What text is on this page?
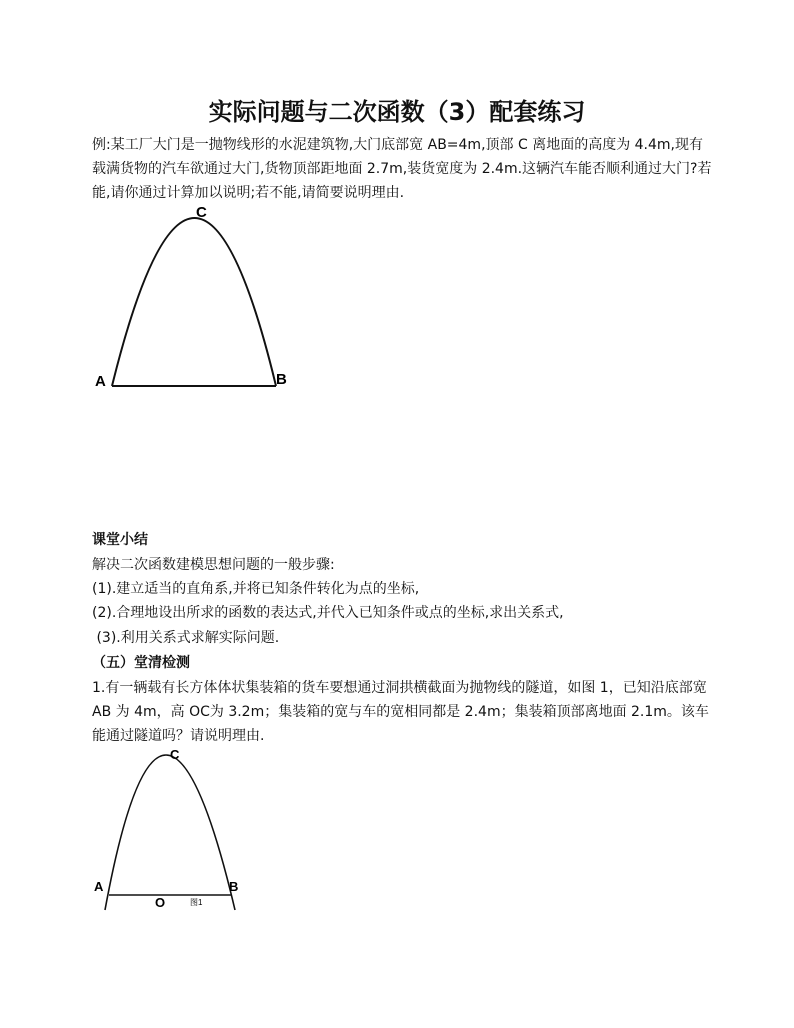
实际问题与二次函数（3）配套练习
例:某工厂大门是一抛物线形的水泥建筑物,大门底部宽 AB=4m,顶部 C 离地面的高度为 4.4m,现有载满货物的汽车欲通过大门,货物顶部距地面 2.7m,装货宽度为 2.4m.这辆汽车能否顺利通过大门?若能,请你通过计算加以说明;若不能,请简要说明理由.
C
A	B
课堂小结
解决二次函数建模思想问题的一般步骤:
(1).建立适当的直角系,并将已知条件转化为点的坐标,
(2).合理地设出所求的函数的表达式,并代入已知条件或点的坐标,求出关系式,
(3).利用关系式求解实际问题.
（五）堂清检测
1.有一辆载有长方体体状集装箱的货车要想通过洞拱横截面为抛物线的隧道，如图 1，已知沿底部宽 AB 为 4m，高 OC为 3.2m；集装箱的宽与车的宽相同都是 2.4m；集装箱顶部离地面 2.1m。该车能通过隧道吗？请说明理由.
C
A	B
O	图1
